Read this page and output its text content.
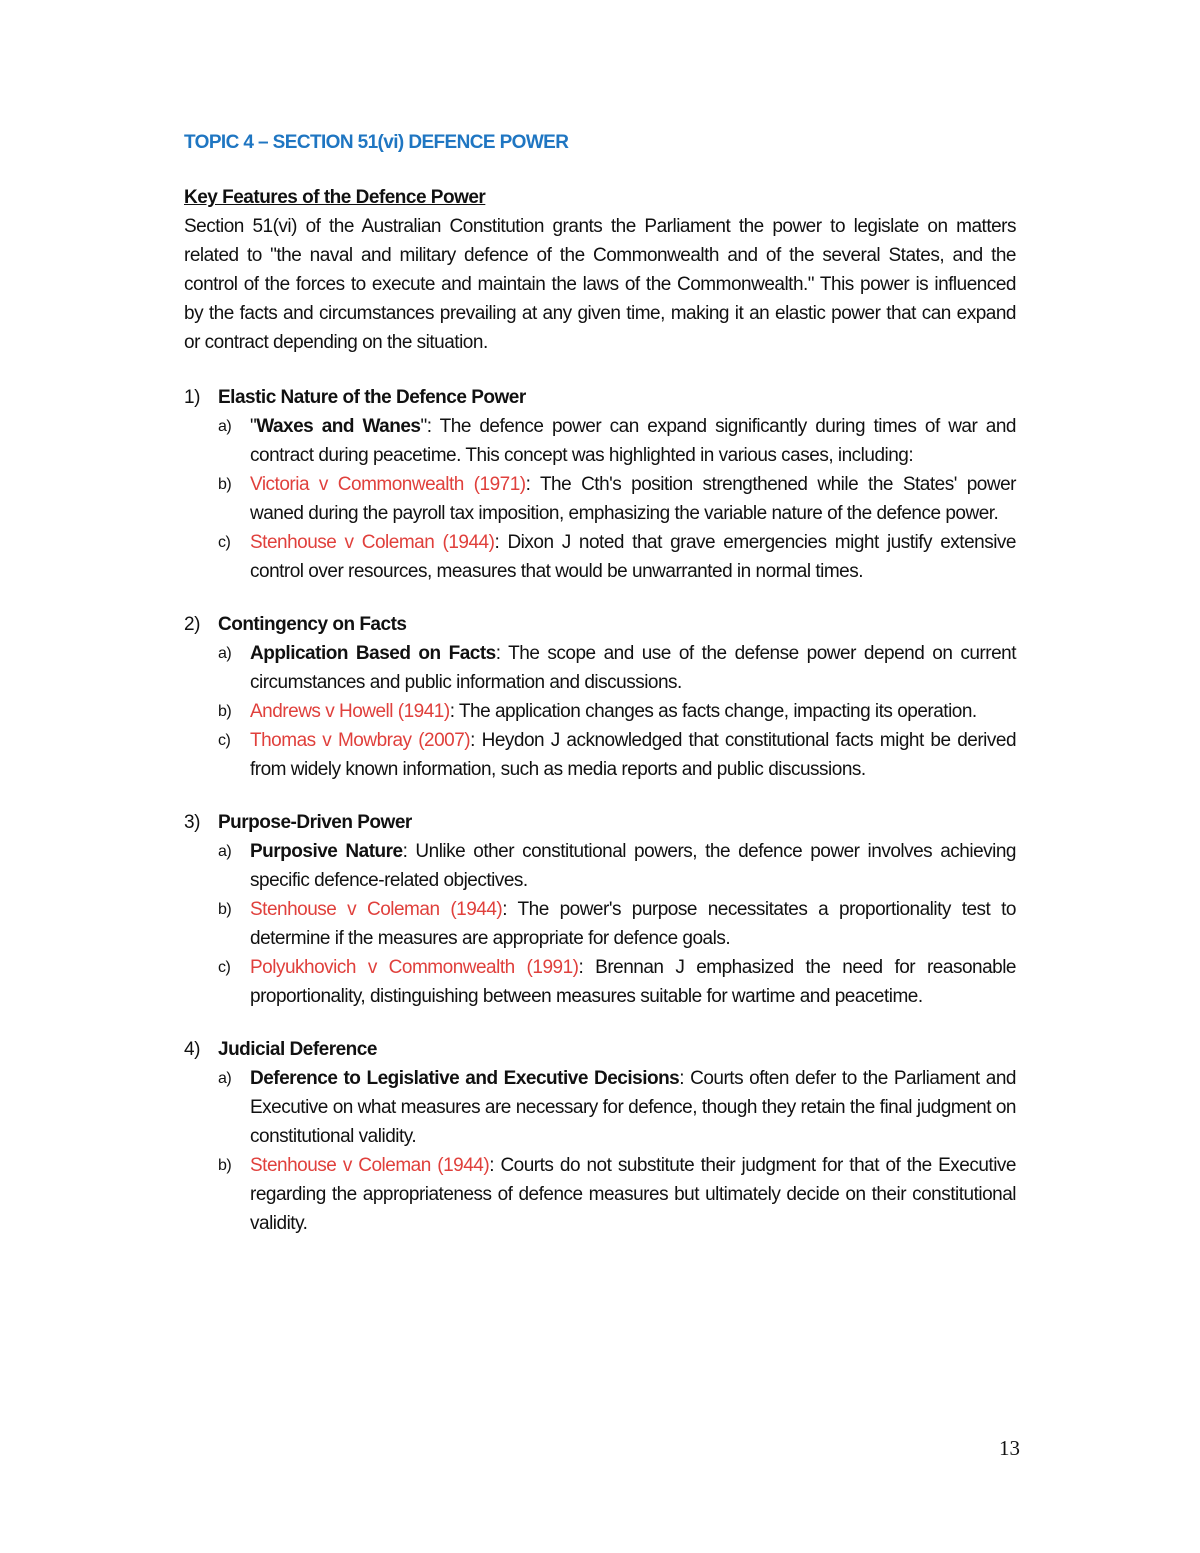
TOPIC 4 – SECTION 51(vi) DEFENCE POWER
Key Features of the Defence Power

Section 51(vi) of the Australian Constitution grants the Parliament the power to legislate on matters related to "the naval and military defence of the Commonwealth and of the several States, and the control of the forces to execute and maintain the laws of the Commonwealth." This power is influenced by the facts and circumstances prevailing at any given time, making it an elastic power that can expand or contract depending on the situation.

1) Elastic Nature of the Defence Power
a) "Waxes and Wanes": The defence power can expand significantly during times of war and contract during peacetime. This concept was highlighted in various cases, including:
b) Victoria v Commonwealth (1971): The Cth's position strengthened while the States' power waned during the payroll tax imposition, emphasizing the variable nature of the defence power.
c) Stenhouse v Coleman (1944): Dixon J noted that grave emergencies might justify extensive control over resources, measures that would be unwarranted in normal times.
2) Contingency on Facts
a) Application Based on Facts: The scope and use of the defense power depend on current circumstances and public information and discussions.
b) Andrews v Howell (1941): The application changes as facts change, impacting its operation.
c) Thomas v Mowbray (2007): Heydon J acknowledged that constitutional facts might be derived from widely known information, such as media reports and public discussions.
3) Purpose-Driven Power
a) Purposive Nature: Unlike other constitutional powers, the defence power involves achieving specific defence-related objectives.
b) Stenhouse v Coleman (1944): The power's purpose necessitates a proportionality test to determine if the measures are appropriate for defence goals.
c) Polyukhovich v Commonwealth (1991): Brennan J emphasized the need for reasonable proportionality, distinguishing between measures suitable for wartime and peacetime.
4) Judicial Deference
a) Deference to Legislative and Executive Decisions: Courts often defer to the Parliament and Executive on what measures are necessary for defence, though they retain the final judgment on constitutional validity.
b) Stenhouse v Coleman (1944): Courts do not substitute their judgment for that of the Executive regarding the appropriateness of defence measures but ultimately decide on their constitutional validity.
13
